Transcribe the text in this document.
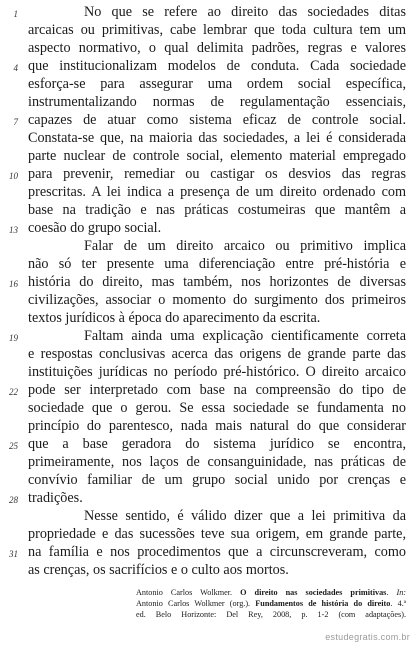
No que se refere ao direito das sociedades ditas
arcaicas ou primitivas, cabe lembrar que toda cultura tem um
aspecto normativo, o qual delimita padrões, regras e valores
que institucionalizam modelos de conduta. Cada sociedade
esforça-se para assegurar uma ordem social específica,
instrumentalizando normas de regulamentação essenciais,
capazes de atuar como sistema eficaz de controle social.
Constata-se que, na maioria das sociedades, a lei é considerada
parte nuclear de controle social, elemento material empregado
para prevenir, remediar ou castigar os desvios das regras
prescritas. A lei indica a presença de um direito ordenado com
base na tradição e nas práticas costumeiras que mantêm a
coesão do grupo social.
Falar de um direito arcaico ou primitivo implica
não só ter presente uma diferenciação entre pré-história e
história do direito, mas também, nos horizontes de diversas
civilizações, associar o momento do surgimento dos primeiros
textos jurídicos à época do aparecimento da escrita.
Faltam ainda uma explicação cientificamente correta
e respostas conclusivas acerca das origens de grande parte das
instituições jurídicas no período pré-histórico. O direito arcaico
pode ser interpretado com base na compreensão do tipo de
sociedade que o gerou. Se essa sociedade se fundamenta no
princípio do parentesco, nada mais natural do que considerar
que a base geradora do sistema jurídico se encontra,
primeiramente, nos laços de consanguinidade, nas práticas de
convívio familiar de um grupo social unido por crenças e
tradições.
Nesse sentido, é válido dizer que a lei primitiva da
propriedade e das sucessões teve sua origem, em grande parte,
na família e nos procedimentos que a circunscreveram, como
as crenças, os sacrifícios e o culto aos mortos.
1
4
7
10
13
16
19
22
25
28
31
Antonio Carlos Wolkmer. O direito nas sociedades primitivas. In:
Antonio Carlos Wolkmer (org.). Fundamentos de história do direito. 4.ª
ed. Belo Horizonte: Del Rey, 2008, p. 1-2 (com adaptações).
estudegratis.com.br
